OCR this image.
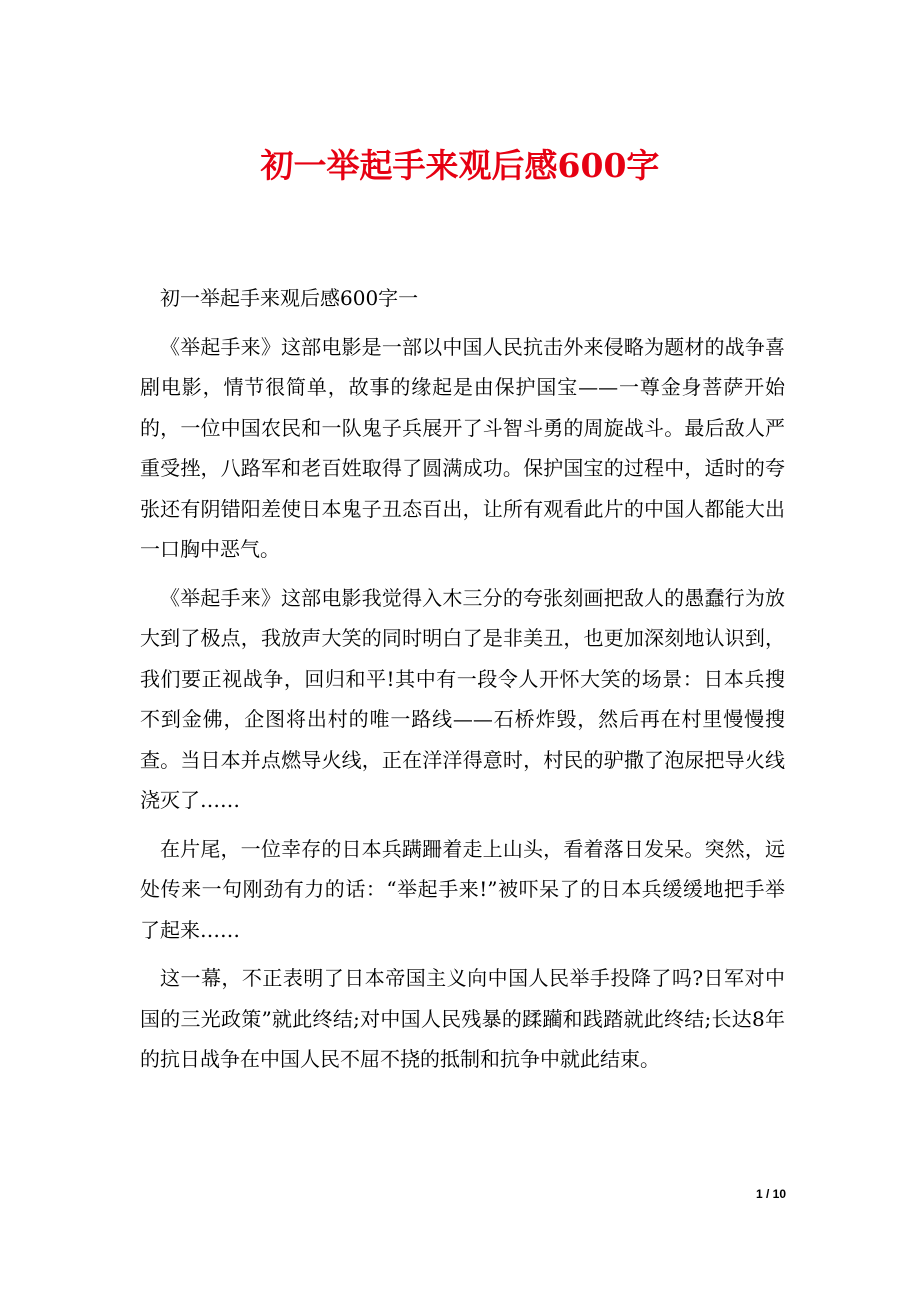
初一举起手来观后感600字

初一举起手来观后感600字一

《举起手来》这部电影是一部以中国人民抗击外来侵略为题材的战争喜剧电影，情节很简单，故事的缘起是由保护国宝——一尊金身菩萨开始的，一位中国农民和一队鬼子兵展开了斗智斗勇的周旋战斗。最后敌人严重受挫，八路军和老百姓取得了圆满成功。保护国宝的过程中，适时的夸张还有阴错阳差使日本鬼子丑态百出，让所有观看此片的中国人都能大出一口胸中恶气。

《举起手来》这部电影我觉得入木三分的夸张刻画把敌人的愚蠢行为放大到了极点，我放声大笑的同时明白了是非美丑，也更加深刻地认识到，我们要正视战争，回归和平!其中有一段令人开怀大笑的场景：日本兵搜不到金佛，企图将出村的唯一路线——石桥炸毁，然后再在村里慢慢搜查。当日本并点燃导火线，正在洋洋得意时，村民的驴撒了泡尿把导火线浇灭了……

在片尾，一位幸存的日本兵蹒跚着走上山头，看着落日发呆。突然，远处传来一句刚劲有力的话：“举起手来!”被吓呆了的日本兵缓缓地把手举了起来……

这一幕，不正表明了日本帝国主义向中国人民举手投降了吗?日军对中国的三光政策”就此终结;对中国人民残暴的蹂躏和践踏就此终结;长达8年的抗日战争在中国人民不屈不挠的抵制和抗争中就此结束。

1 / 10
